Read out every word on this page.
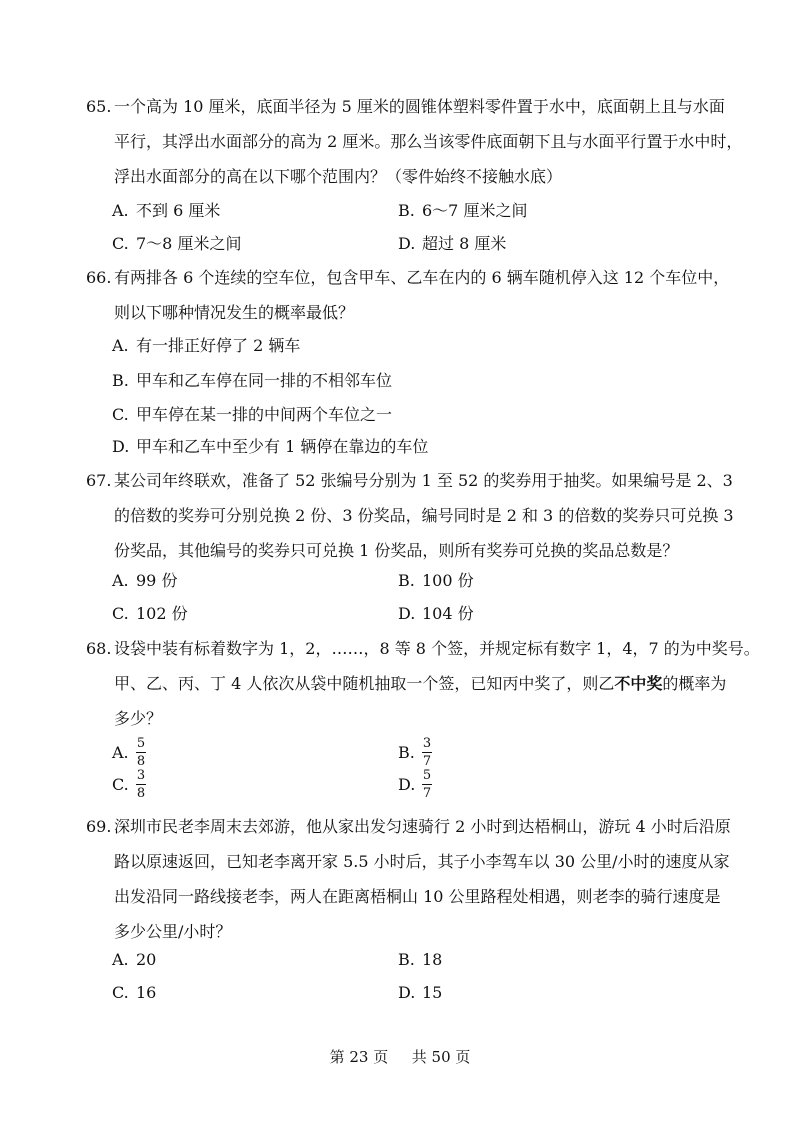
65. 一个高为 10 厘米，底面半径为 5 厘米的圆锥体塑料零件置于水中，底面朝上且与水面
平行，其浮出水面部分的高为 2 厘米。那么当该零件底面朝下且与水面平行置于水中时，
浮出水面部分的高在以下哪个范围内？（零件始终不接触水底）
A. 不到 6 厘米	B. 6～7 厘米之间
C. 7～8 厘米之间	D. 超过 8 厘米
66. 有两排各 6 个连续的空车位，包含甲车、乙车在内的 6 辆车随机停入这 12 个车位中，
则以下哪种情况发生的概率最低？
A. 有一排正好停了 2 辆车
B. 甲车和乙车停在同一排的不相邻车位
C. 甲车停在某一排的中间两个车位之一
D. 甲车和乙车中至少有 1 辆停在靠边的车位
67. 某公司年终联欢，准备了 52 张编号分别为 1 至 52 的奖券用于抽奖。如果编号是 2、3
的倍数的奖券可分别兑换 2 份、3 份奖品，编号同时是 2 和 3 的倍数的奖券只可兑换 3
份奖品，其他编号的奖券只可兑换 1 份奖品，则所有奖券可兑换的奖品总数是？
A. 99 份	B. 100 份
C. 102 份	D. 104 份
68. 设袋中装有标着数字为 1，2，……，8 等 8 个签，并规定标有数字 1，4，7 的为中奖号。
甲、乙、丙、丁 4 人依次从袋中随机抽取一个签，已知丙中奖了，则乙不中奖的概率为
多少？
A. $\frac{5}{8}$	B. $\frac{3}{7}$
C. $\frac{3}{8}$	D. $\frac{5}{7}$
69. 深圳市民老李周末去郊游，他从家出发匀速骑行 2 小时到达梧桐山，游玩 4 小时后沿原
路以原速返回，已知老李离开家 5.5 小时后，其子小李驾车以 30 公里/小时的速度从家
出发沿同一路线接老李，两人在距离梧桐山 10 公里路程处相遇，则老李的骑行速度是
多少公里/小时？
A. 20	B. 18
C. 16	D. 15
第 23 页 共 50 页
